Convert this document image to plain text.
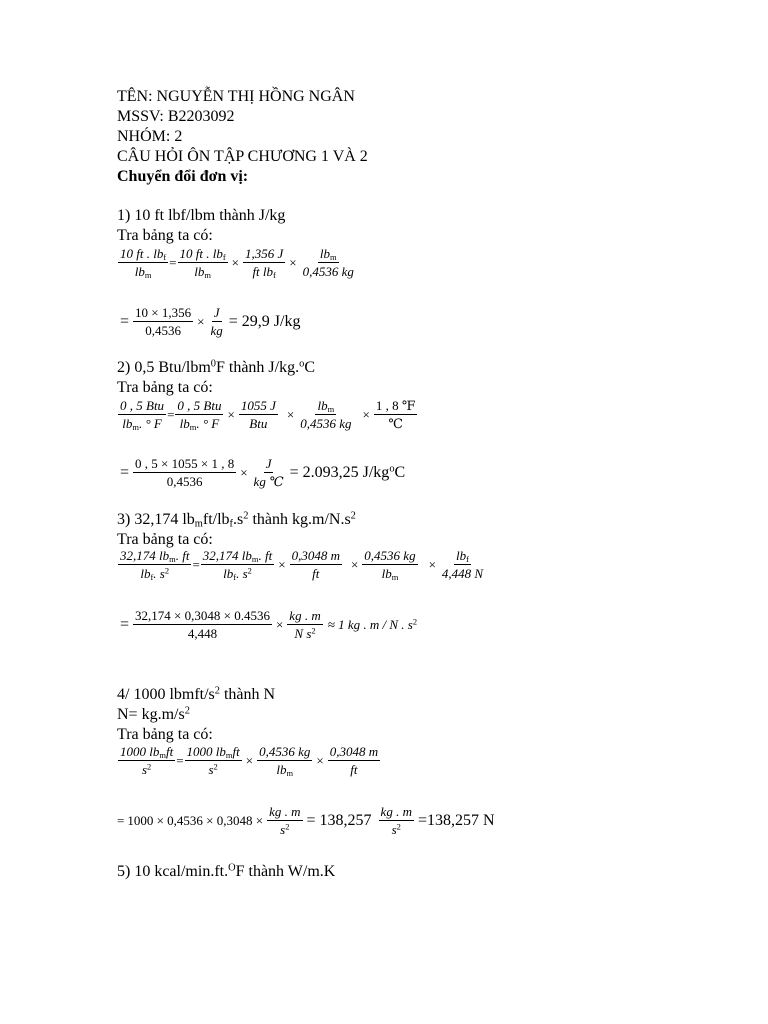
TÊN: NGUYỄN THỊ HỒNG NGÂN
MSSV: B2203092
NHÓM: 2
CÂU HỎI ÔN TẬP CHƯƠNG 1 VÀ 2
Chuyển đổi đơn vị:
1) 10 ft lbf/lbm thành J/kg
Tra bảng ta có:
$\frac{10 ft . lb_f}{lb_m} = \frac{10 ft . lb_f}{lb_m} \times \frac{1,356 J}{ft lb_f} \times \frac{lb_m}{0,4536 kg}$
= $\frac{10 \times 1,356}{0,4536} \times \frac{J}{kg} = 29,9$ J/kg
2) 0,5 Btu/lbm$^0$F thành J/kg.$^o$C
Tra bảng ta có:
$\frac{\text{0 , 5 Btu}}{lb_m. ^\circ F} = \frac{\text{0 , 5 Btu}}{lb_m. ^\circ F} \times \frac{1055 J}{\text{Btu}} \times \frac{lb_m}{0,4536 kg} \times \frac{1 , 8 ℉}{℃}$
= $\frac{0 , 5 \times 1055 \times 1 , 8}{0,4536} \times \frac{J}{kg ℃} = 2.093,25$ $J/kg^oC$
3) 32,174 $lb_mft/lb_f.s^2$ thành $kg.m/N.s^2$
Tra bảng ta có:
$\frac{32,174 lb_m. ft}{lb_f. s^2} = \frac{32,174 lb_m. ft}{lb_f. s^2} \times \frac{0,3048 m}{ft} \times \frac{0,4536 kg}{lb_m} \times \frac{lb_f}{4,448 N}$
= $\frac{32,174 \times 0,3048 \times 0.4536}{4,448} \times \frac{kg . m}{N s^2} \approx 1$ kg . m / N . $s^2$
4/ 1000 lbmft/$s^2$ thành N
$N= kg.m/s^2$
Tra bảng ta có:
$\frac{1000 lb_mft}{s^2} = \frac{1000 lb_mft}{s^2} \times \frac{0,4536 kg}{lb_m} \times \frac{0,3048 m}{ft}$
= $1000 \times 0,4536 \times 0,3048 \times \frac{kg . m}{s^2} = 138,257 \frac{kg . m}{s^2} =138,257$ N
5) 10 kcal/min.ft.$^O$F thành W/m.K
